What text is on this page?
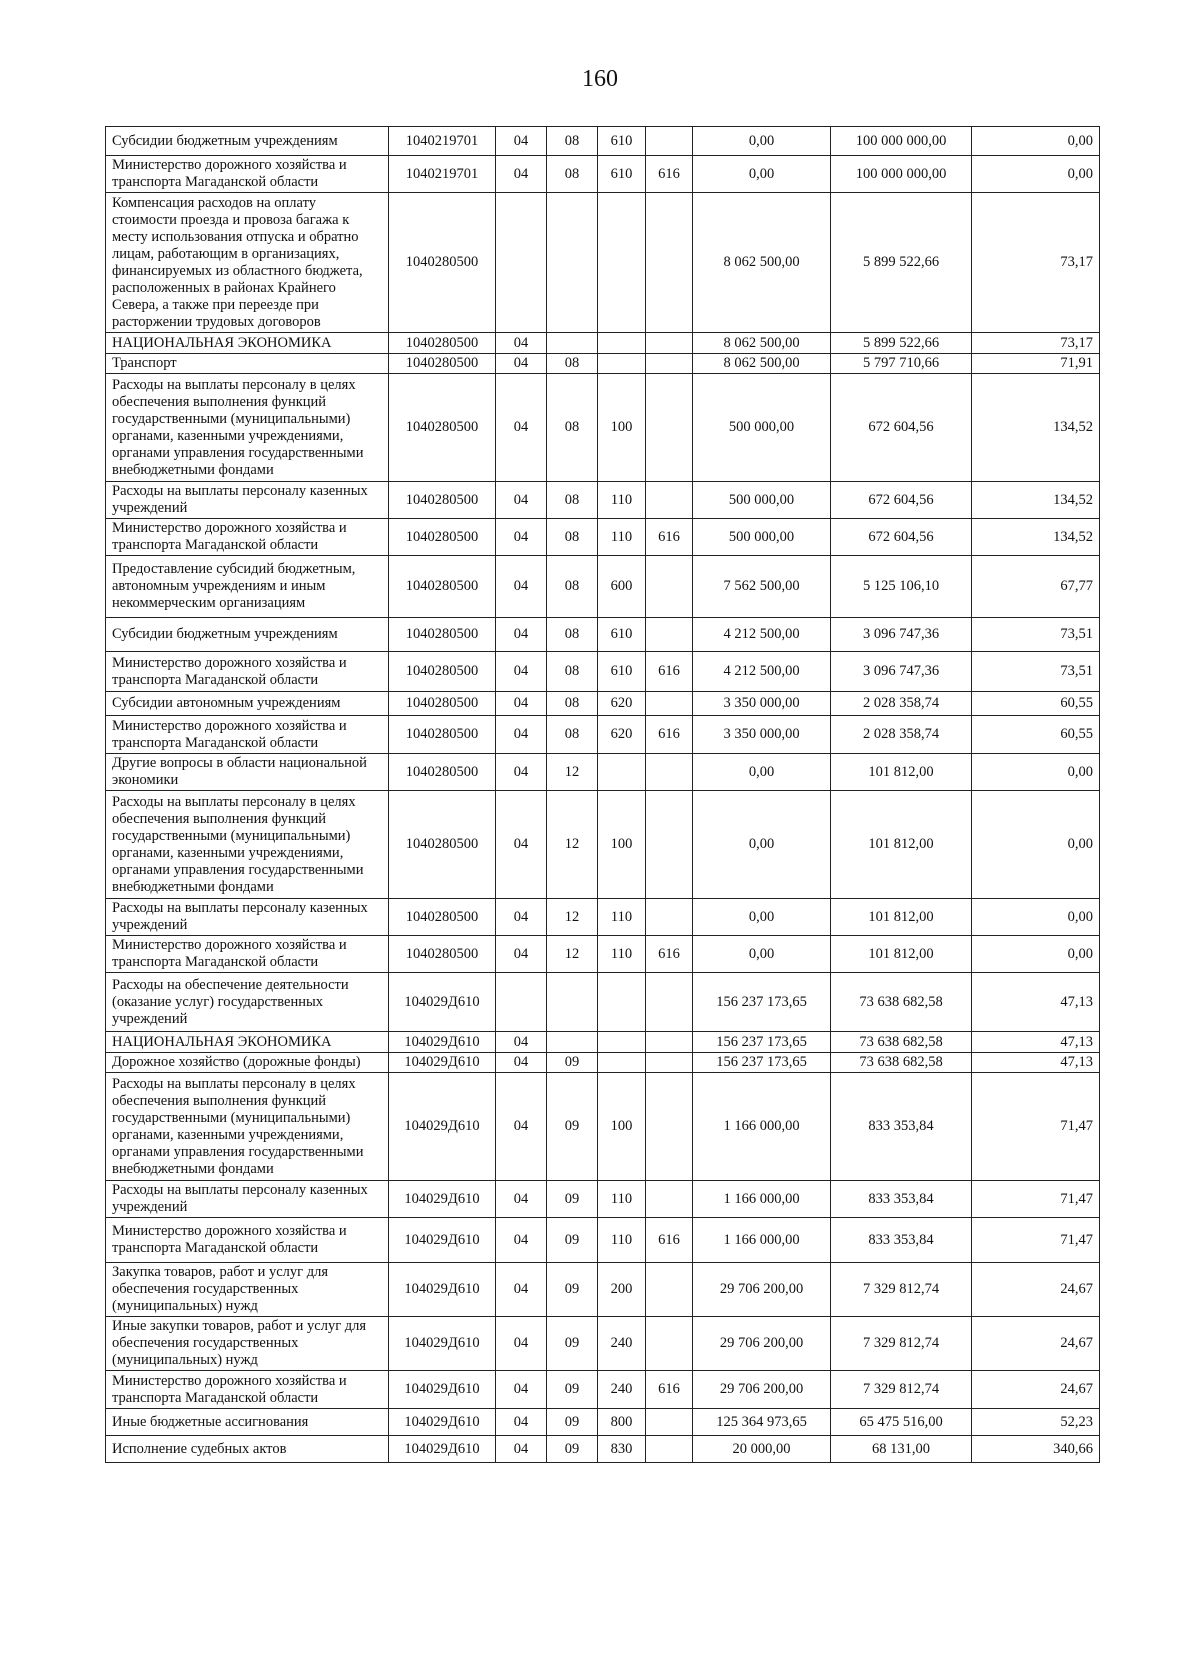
160
Субсидии бюджетным учреждениям	1040219701	04	08	610		0,00	100 000 000,00	0,00
Министерство дорожного хозяйства и транспорта Магаданской области	1040219701	04	08	610	616	0,00	100 000 000,00	0,00
Компенсация расходов на оплату стоимости проезда и провоза багажа к месту использования отпуска и обратно лицам, работающим в организациях, финансируемых из областного бюджета, расположенных в районах Крайнего Севера, а также при переезде при расторжении трудовых договоров	1040280500					8 062 500,00	5 899 522,66	73,17
НАЦИОНАЛЬНАЯ ЭКОНОМИКА	1040280500	04				8 062 500,00	5 899 522,66	73,17
Транспорт	1040280500	04	08			8 062 500,00	5 797 710,66	71,91
Расходы на выплаты персоналу в целях обеспечения выполнения функций государственными (муниципальными) органами, казенными учреждениями, органами управления государственными внебюджетными фондами	1040280500	04	08	100		500 000,00	672 604,56	134,52
Расходы на выплаты персоналу казенных учреждений	1040280500	04	08	110		500 000,00	672 604,56	134,52
Министерство дорожного хозяйства и транспорта Магаданской области	1040280500	04	08	110	616	500 000,00	672 604,56	134,52
Предоставление субсидий бюджетным, автономным учреждениям и иным некоммерческим организациям	1040280500	04	08	600		7 562 500,00	5 125 106,10	67,77
Субсидии бюджетным учреждениям	1040280500	04	08	610		4 212 500,00	3 096 747,36	73,51
Министерство дорожного хозяйства и транспорта Магаданской области	1040280500	04	08	610	616	4 212 500,00	3 096 747,36	73,51
Субсидии автономным учреждениям	1040280500	04	08	620		3 350 000,00	2 028 358,74	60,55
Министерство дорожного хозяйства и транспорта Магаданской области	1040280500	04	08	620	616	3 350 000,00	2 028 358,74	60,55
Другие вопросы в области национальной экономики	1040280500	04	12			0,00	101 812,00	0,00
Расходы на выплаты персоналу в целях обеспечения выполнения функций государственными (муниципальными) органами, казенными учреждениями, органами управления государственными внебюджетными фондами	1040280500	04	12	100		0,00	101 812,00	0,00
Расходы на выплаты персоналу казенных учреждений	1040280500	04	12	110		0,00	101 812,00	0,00
Министерство дорожного хозяйства и транспорта Магаданской области	1040280500	04	12	110	616	0,00	101 812,00	0,00
Расходы на обеспечение деятельности (оказание услуг) государственных учреждений	104029Д610					156 237 173,65	73 638 682,58	47,13
НАЦИОНАЛЬНАЯ ЭКОНОМИКА	104029Д610	04				156 237 173,65	73 638 682,58	47,13
Дорожное хозяйство (дорожные фонды)	104029Д610	04	09			156 237 173,65	73 638 682,58	47,13
Расходы на выплаты персоналу в целях обеспечения выполнения функций государственными (муниципальными) органами, казенными учреждениями, органами управления государственными внебюджетными фондами	104029Д610	04	09	100		1 166 000,00	833 353,84	71,47
Расходы на выплаты персоналу казенных учреждений	104029Д610	04	09	110		1 166 000,00	833 353,84	71,47
Министерство дорожного хозяйства и транспорта Магаданской области	104029Д610	04	09	110	616	1 166 000,00	833 353,84	71,47
Закупка товаров, работ и услуг для обеспечения государственных (муниципальных) нужд	104029Д610	04	09	200		29 706 200,00	7 329 812,74	24,67
Иные закупки товаров, работ и услуг для обеспечения государственных (муниципальных) нужд	104029Д610	04	09	240		29 706 200,00	7 329 812,74	24,67
Министерство дорожного хозяйства и транспорта Магаданской области	104029Д610	04	09	240	616	29 706 200,00	7 329 812,74	24,67
Иные бюджетные ассигнования	104029Д610	04	09	800		125 364 973,65	65 475 516,00	52,23
Исполнение судебных актов	104029Д610	04	09	830		20 000,00	68 131,00	340,66
